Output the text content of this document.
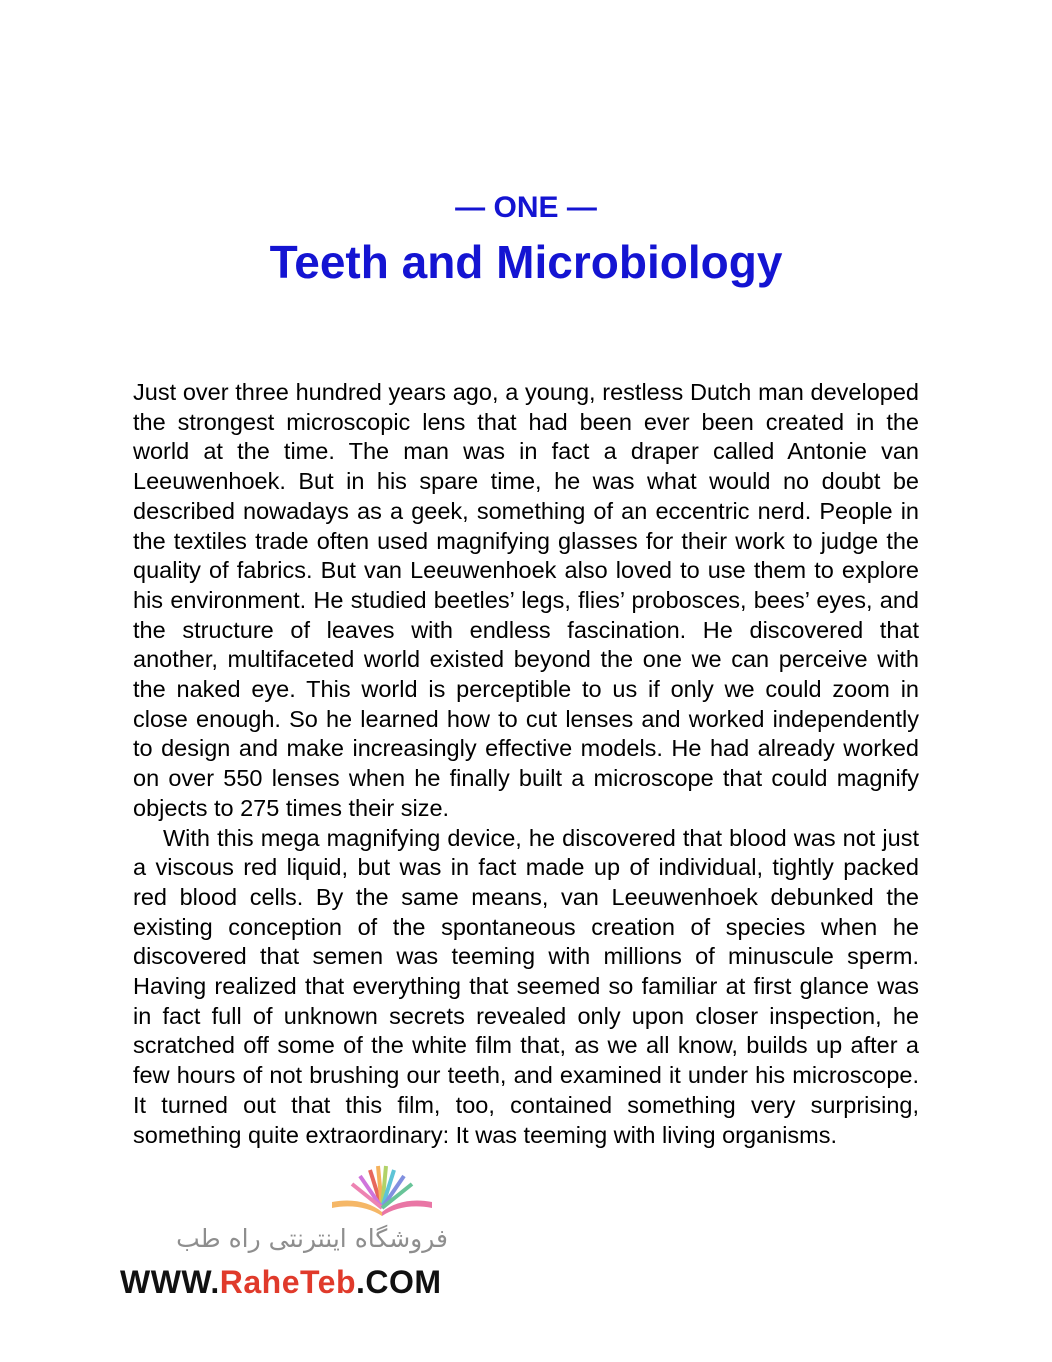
— ONE —
Teeth and Microbiology

Just over three hundred years ago, a young, restless Dutch man developed the strongest microscopic lens that had been ever been created in the world at the time. The man was in fact a draper called Antonie van Leeuwenhoek. But in his spare time, he was what would no doubt be described nowadays as a geek, something of an eccentric nerd. People in the textiles trade often used magnifying glasses for their work to judge the quality of fabrics. But van Leeuwenhoek also loved to use them to explore his environment. He studied beetles’ legs, flies’ probosces, bees’ eyes, and the structure of leaves with endless fascination. He discovered that another, multifaceted world existed beyond the one we can perceive with the naked eye. This world is perceptible to us if only we could zoom in close enough. So he learned how to cut lenses and worked independently to design and make increasingly effective models. He had already worked on over 550 lenses when he finally built a microscope that could magnify objects to 275 times their size.

With this mega magnifying device, he discovered that blood was not just a viscous red liquid, but was in fact made up of individual, tightly packed red blood cells. By the same means, van Leeuwenhoek debunked the existing conception of the spontaneous creation of species when he discovered that semen was teeming with millions of minuscule sperm. Having realized that everything that seemed so familiar at first glance was in fact full of unknown secrets revealed only upon closer inspection, he scratched off some of the white film that, as we all know, builds up after a few hours of not brushing our teeth, and examined it under his microscope. It turned out that this film, too, contained something very surprising, something quite extraordinary: It was teeming with living organisms.

فروشگاه اینترنتی راه طب
WWW.RaheTeb.COM
